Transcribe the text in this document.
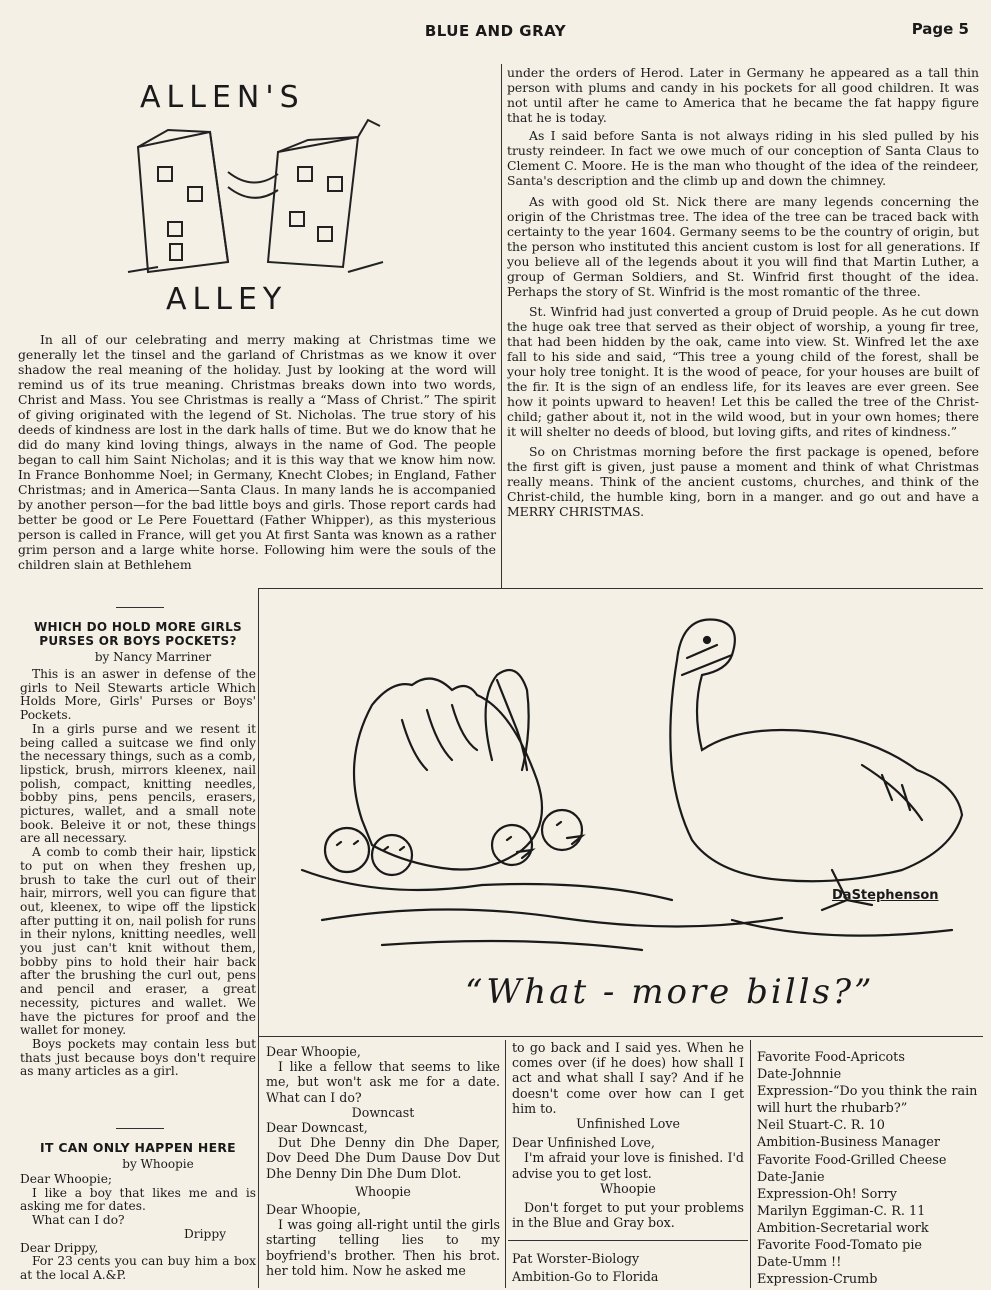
BLUE AND GRAY	Page 5
ALLEN'S
ALLEY

In all of our celebrating and merry making at Christmas time we generally let the tinsel and the garland of Christmas as we know it over shadow the real meaning of the holiday. Just by looking at the word will remind us of its true meaning. Christmas breaks down into two words, Christ and Mass. You see Christmas is really a “Mass of Christ.” The spirit of giving originated with the legend of St. Nicholas. The true story of his deeds of kindness are lost in the dark halls of time. But we do know that he did do many kind loving things, always in the name of God. The people began to call him Saint Nicholas; and it is this way that we know him now. In France Bonhomme Noel; in Germany, Knecht Clobes; in England, Father Christmas; and in America—Santa Claus. In many lands he is accompanied by another person—for the bad little boys and girls. Those report cards had better be good or Le Pere Fouettard (Father Whipper), as this mysterious person is called in France, will get you At first Santa was known as a rather grim person and a large white horse. Following him were the souls of the children slain at Bethlehem

under the orders of Herod. Later in Germany he appeared as a tall thin person with plums and candy in his pockets for all good children. It was not until after he came to America that he became the fat happy figure that he is today.

As I said before Santa is not always riding in his sled pulled by his trusty reindeer. In fact we owe much of our conception of Santa Claus to Clement C. Moore. He is the man who thought of the idea of the reindeer, Santa's description and the climb up and down the chimney.

As with good old St. Nick there are many legends concerning the origin of the Christmas tree. The idea of the tree can be traced back with certainty to the year 1604. Germany seems to be the country of origin, but the person who instituted this ancient custom is lost for all generations. If you believe all of the legends about it you will find that Martin Luther, a group of German Soldiers, and St. Winfrid first thought of the idea. Perhaps the story of St. Winfrid is the most romantic of the three.

St. Winfrid had just converted a group of Druid people. As he cut down the huge oak tree that served as their object of worship, a young fir tree, that had been hidden by the oak, came into view. St. Winfred let the axe fall to his side and said, “This tree a young child of the forest, shall be your holy tree tonight. It is the wood of peace, for your houses are built of the fir. It is the sign of an endless life, for its leaves are ever green. See how it points upward to heaven! Let this be called the tree of the Christ-child; gather about it, not in the wild wood, but in your own homes; there it will shelter no deeds of blood, but loving gifts, and rites of kindness.”

So on Christmas morning before the first package is opened, before the first gift is given, just pause a moment and think of what Christmas really means. Think of the ancient customs, churches, and think of the Christ-child, the humble king, born in a manger. and go out and have a MERRY CHRISTMAS.

DaStephenson
“What - more bills?”
WHICH DO HOLD MORE GIRLS PURSES OR BOYS POCKETS?
by Nancy Marriner

This is an aswer in defense of the girls to Neil Stewarts article Which Holds More, Girls' Purses or Boys' Pockets.

In a girls purse and we resent it being called a suitcase we find only the necessary things, such as a comb, lipstick, brush, mirrors kleenex, nail polish, compact, knitting needles, bobby pins, pens pencils, erasers, pictures, wallet, and a small note book. Beleive it or not, these things are all necessary.

A comb to comb their hair, lipstick to put on when they freshen up, brush to take the curl out of their hair, mirrors, well you can figure that out, kleenex, to wipe off the lipstick after putting it on, nail polish for runs in their nylons, knitting needles, well you just can't knit without them, bobby pins to hold their hair back after the brushing the curl out, pens and pencil and eraser, a great necessity, pictures and wallet. We have the pictures for proof and the wallet for money.

Boys pockets may contain less but thats just because boys don't require as many articles as a girl.

IT CAN ONLY HAPPEN HERE
by Whoopie

Dear Whoopie;

I like a boy that likes me and is asking me for dates.

What can I do?

Drippy

Dear Drippy,

For 23 cents you can buy him a box at the local A.&P.

Dear Whoopie,

I like a fellow that seems to like me, but won't ask me for a date. What can I do?

Downcast

Dear Downcast,

Dut Dhe Denny din Dhe Daper, Dov Deed Dhe Dum Dause Dov Dut Dhe Denny Din Dhe Dum Dlot.

Whoopie

Dear Whoopie,

I was going all-right until the girls starting telling lies to my boyfriend's brother. Then his brot. her told him. Now he asked me

to go back and I said yes. When he comes over (if he does) how shall I act and what shall I say? And if he doesn't come over how can I get him to.

Unfinished Love

Dear Unfinished Love,

I'm afraid your love is finished. I'd advise you to get lost.

Whoopie

Don't forget to put your problems in the Blue and Gray box.

Pat Worster-Biology

Ambition-Go to Florida

Favorite Food-Apricots

Date-Johnnie

Expression-“Do you think the rain will hurt the rhubarb?”

Neil Stuart-C. R. 10

Ambition-Business Manager

Favorite Food-Grilled Cheese

Date-Janie

Expression-Oh! Sorry

Marilyn Eggiman-C. R. 11

Ambition-Secretarial work

Favorite Food-Tomato pie

Date-Umm !!

Expression-Crumb
